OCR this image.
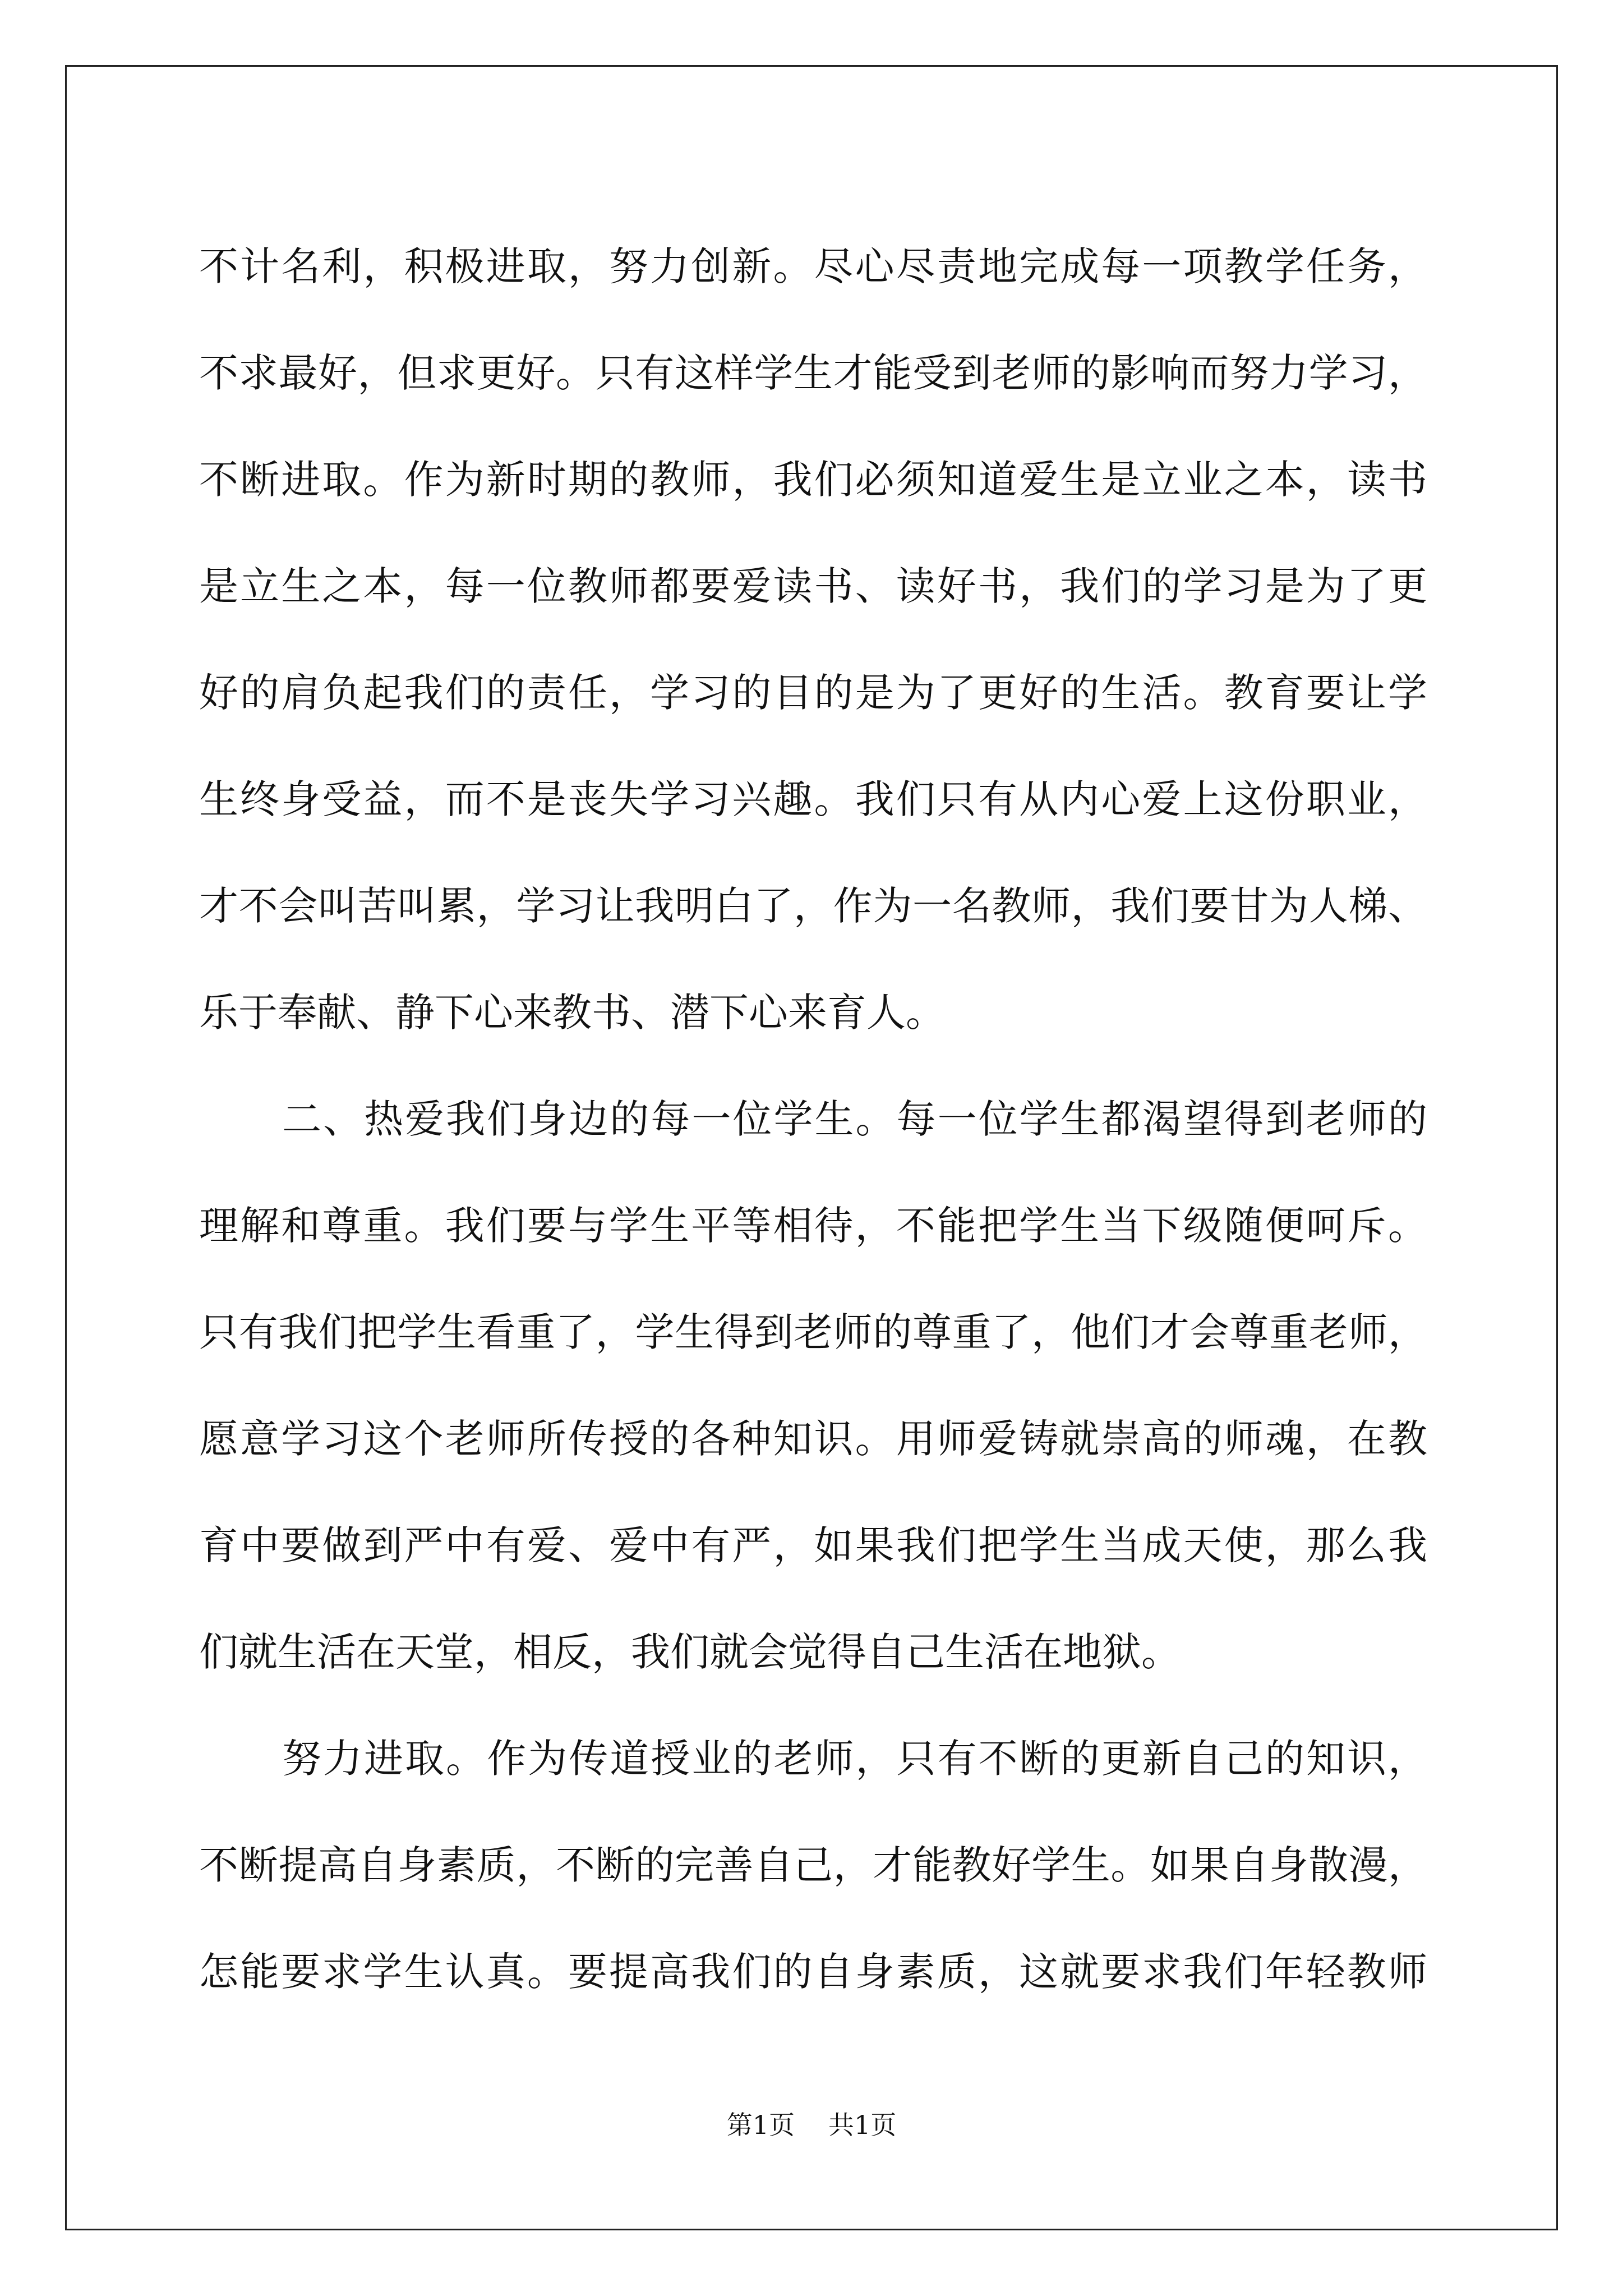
不计名利，积极进取，努力创新。尽心尽责地完成每一项教学任务，

不求最好，但求更好。只有这样学生才能受到老师的影响而努力学习，

不断进取。作为新时期的教师，我们必须知道爱生是立业之本，读书

是立生之本，每一位教师都要爱读书、读好书，我们的学习是为了更

好的肩负起我们的责任，学习的目的是为了更好的生活。教育要让学

生终身受益，而不是丧失学习兴趣。我们只有从内心爱上这份职业，

才不会叫苦叫累，学习让我明白了，作为一名教师，我们要甘为人梯、

乐于奉献、静下心来教书、潜下心来育人。

二、热爱我们身边的每一位学生。每一位学生都渴望得到老师的

理解和尊重。我们要与学生平等相待，不能把学生当下级随便呵斥。

只有我们把学生看重了，学生得到老师的尊重了，他们才会尊重老师，

愿意学习这个老师所传授的各种知识。用师爱铸就崇高的师魂，在教

育中要做到严中有爱、爱中有严，如果我们把学生当成天使，那么我

们就生活在天堂，相反，我们就会觉得自己生活在地狱。

努力进取。作为传道授业的老师，只有不断的更新自己的知识，

不断提高自身素质，不断的完善自己，才能教好学生。如果自身散漫，

怎能要求学生认真。要提高我们的自身素质，这就要求我们年轻教师

第1页 共1页
